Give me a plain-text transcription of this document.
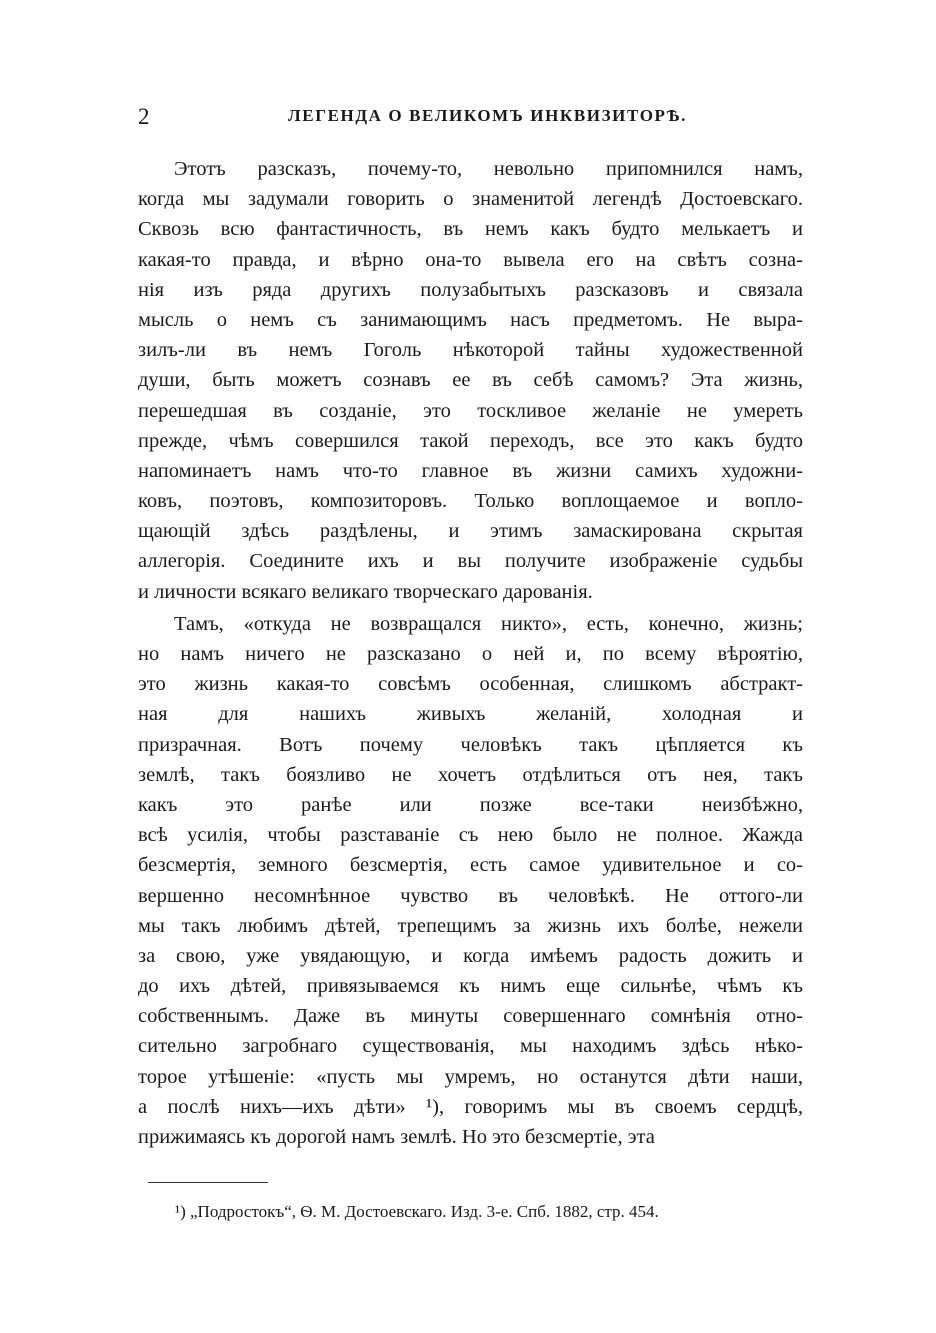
2	ЛЕГЕНДА О ВЕЛИКОМЪ ИНКВИЗИТОРѢ.
Этотъ разсказъ, почему-то, невольно припомнился намъ,
когда мы задумали говорить о знаменитой легендѣ Достоевскаго.
Сквозь всю фантастичность, въ немъ какъ будто мелькаетъ и
какая-то правда, и вѣрно она-то вывела его на свѣтъ созна-
нія изъ ряда другихъ полузабытыхъ разсказовъ и связала
мысль о немъ съ занимающимъ насъ предметомъ. Не выра-
зилъ-ли въ немъ Гоголь нѣкоторой тайны художественной
души, быть можетъ сознавъ ее въ себѣ самомъ? Эта жизнь,
перешедшая въ созданіе, это тоскливое желаніе не умереть
прежде, чѣмъ совершился такой переходъ, все это какъ будто
напоминаетъ намъ что-то главное въ жизни самихъ художни-
ковъ, поэтовъ, композиторовъ. Только воплощаемое и вопло-
щающій здѣсь раздѣлены, и этимъ замаскирована скрытая
аллегорія. Соедините ихъ и вы получите изображеніе судьбы
и личности всякаго великаго творческаго дарованія.
Тамъ, «откуда не возвращался никто», есть, конечно, жизнь;
но намъ ничего не разсказано о ней и, по всему вѣроятію,
это жизнь какая-то совсѣмъ особенная, слишкомъ абстракт-
ная для нашихъ живыхъ желаній, холодная и
призрачная. Вотъ почему человѣкъ такъ цѣпляется къ
землѣ, такъ боязливо не хочетъ отдѣлиться отъ нея, такъ
какъ это ранѣе или позже все-таки неизбѣжно,
всѣ усилія, чтобы разставаніе съ нею было не полное. Жажда
безсмертія, земного безсмертія, есть самое удивительное и со-
вершенно несомнѣнное чувство въ человѣкѣ. Не оттого-ли
мы такъ любимъ дѣтей, трепещимъ за жизнь ихъ болѣе, нежели
за свою, уже увядающую, и когда имѣемъ радость дожить и
до ихъ дѣтей, привязываемся къ нимъ еще сильнѣе, чѣмъ къ
собственнымъ. Даже въ минуты совершеннаго сомнѣнія отно-
сительно загробнаго существованія, мы находимъ здѣсь нѣко-
торое утѣшеніе: «пусть мы умремъ, но останутся дѣти наши,
а послѣ нихъ—ихъ дѣти» ¹), говоримъ мы въ своемъ сердцѣ,
прижимаясь къ дорогой намъ землѣ. Но это безсмертіе, эта
¹) „Подростокъ“, Ѳ. М. Достоевскаго. Изд. 3-е. Спб. 1882, стр. 454.
